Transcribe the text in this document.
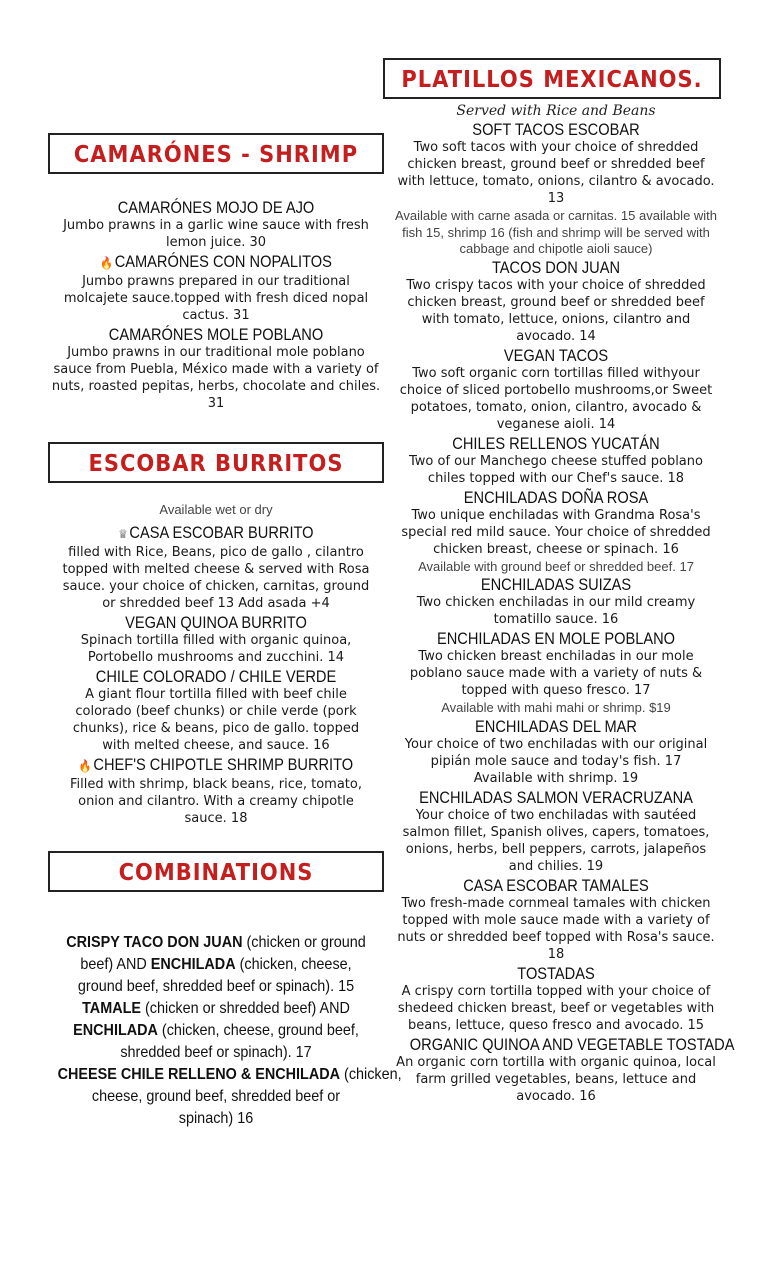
CAMARÓNES - SHRIMP
CAMARÓNES MOJO DE AJO

Jumbo prawns in a garlic wine sauce with fresh lemon juice. 30

🔥 CAMARÓNES CON NOPALITOS

Jumbo prawns prepared in our traditional molcajete sauce.topped with fresh diced nopal cactus. 31

CAMARÓNES MOLE POBLANO

Jumbo prawns in our traditional mole poblano sauce from Puebla, México made with a variety of nuts, roasted pepitas, herbs, chocolate and chiles. 31

ESCOBAR BURRITOS

Available wet or dry

♕ CASA ESCOBAR BURRITO

filled with Rice, Beans, pico de gallo , cilantro topped with melted cheese & served with Rosa sauce. your choice of chicken, carnitas, ground or shredded beef 13 Add asada +4

VEGAN QUINOA BURRITO

Spinach tortilla filled with organic quinoa, Portobello mushrooms and zucchini. 14

CHILE COLORADO / CHILE VERDE

A giant flour tortilla filled with beef chile colorado (beef chunks) or chile verde (pork chunks), rice & beans, pico de gallo. topped with melted cheese, and sauce. 16

🔥 CHEF'S CHIPOTLE SHRIMP BURRITO

Filled with shrimp, black beans, rice, tomato, onion and cilantro. With a creamy chipotle sauce. 18

COMBINATIONS
CRISPY TACO DON JUAN (chicken or ground
beef) AND ENCHILADA (chicken, cheese,
ground beef, shredded beef or spinach). 15
TAMALE (chicken or shredded beef) AND
ENCHILADA (chicken, cheese, ground beef,
shredded beef or spinach). 17
CHEESE CHILE RELLENO & ENCHILADA (chicken,
cheese, ground beef, shredded beef or
spinach) 16
PLATILLOS MEXICANOS.

Served with Rice and Beans

SOFT TACOS ESCOBAR

Two soft tacos with your choice of shredded chicken breast, ground beef or shredded beef with lettuce, tomato, onions, cilantro & avocado. 13

Available with carne asada or carnitas. 15 available with fish 15, shrimp 16 (fish and shrimp will be served with cabbage and chipotle aioli sauce)

TACOS DON JUAN

Two crispy tacos with your choice of shredded chicken breast, ground beef or shredded beef with tomato, lettuce, onions, cilantro and avocado. 14

VEGAN TACOS

Two soft organic corn tortillas filled withyour choice of sliced portobello mushrooms,or Sweet potatoes, tomato, onion, cilantro, avocado & veganese aioli. 14

CHILES RELLENOS YUCATÁN

Two of our Manchego cheese stuffed poblano chiles topped with our Chef's sauce. 18

ENCHILADAS DOÑA ROSA

Two unique enchiladas with Grandma Rosa's special red mild sauce. Your choice of shredded chicken breast, cheese or spinach. 16

Available with ground beef or shredded beef. 17

ENCHILADAS SUIZAS

Two chicken enchiladas in our mild creamy tomatillo sauce. 16

ENCHILADAS EN MOLE POBLANO

Two chicken breast enchiladas in our mole poblano sauce made with a variety of nuts & topped with queso fresco. 17

Available with mahi mahi or shrimp. $19

ENCHILADAS DEL MAR

Your choice of two enchiladas with our original pipián mole sauce and today's fish. 17 Available with shrimp. 19

ENCHILADAS SALMON VERACRUZANA

Your choice of two enchiladas with sautéed salmon fillet, Spanish olives, capers, tomatoes, onions, herbs, bell peppers, carrots, jalapeños and chilies. 19

CASA ESCOBAR TAMALES

Two fresh-made cornmeal tamales with chicken topped with mole sauce made with a variety of nuts or shredded beef topped with Rosa's sauce. 18

TOSTADAS

A crispy corn tortilla topped with your choice of shedeed chicken breast, beef or vegetables with beans, lettuce, queso fresco and avocado. 15

ORGANIC QUINOA AND VEGETABLE TOSTADA

An organic corn tortilla with organic quinoa, local farm grilled vegetables, beans, lettuce and avocado. 16
